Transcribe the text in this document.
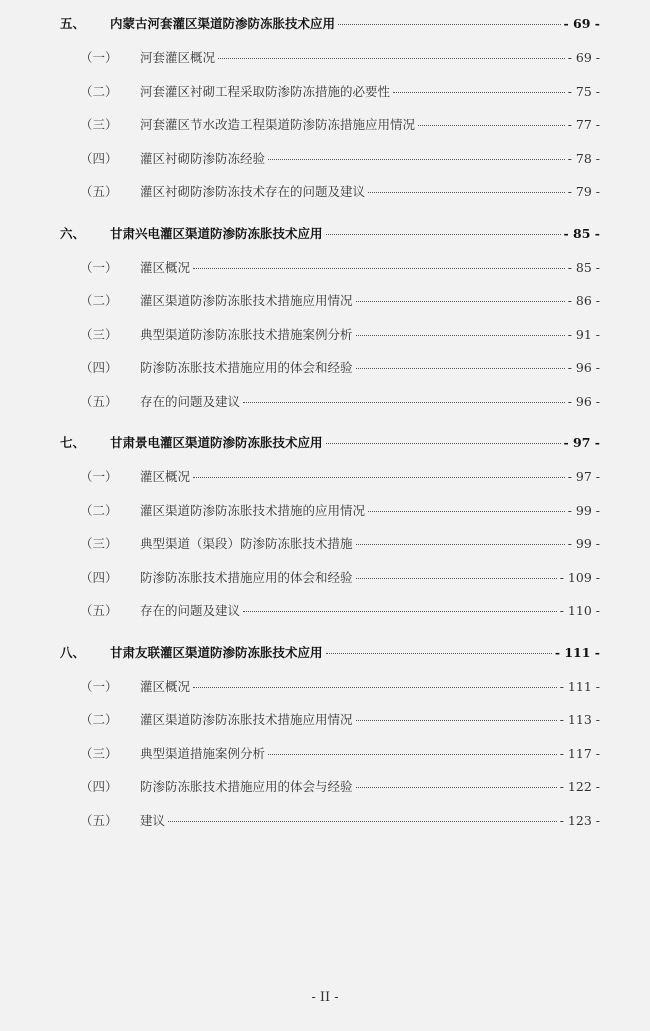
五、	内蒙古河套灌区渠道防渗防冻胀技术应用	- 69 -
（一）	河套灌区概况	- 69 -
（二）	河套灌区衬砌工程采取防渗防冻措施的必要性	- 75 -
（三）	河套灌区节水改造工程渠道防渗防冻措施应用情况	- 77 -
（四）	灌区衬砌防渗防冻经验	- 78 -
（五）	灌区衬砌防渗防冻技术存在的问题及建议	- 79 -
六、	甘肃兴电灌区渠道防渗防冻胀技术应用	- 85 -
（一）	灌区概况	- 85 -
（二）	灌区渠道防渗防冻胀技术措施应用情况	- 86 -
（三）	典型渠道防渗防冻胀技术措施案例分析	- 91 -
（四）	防渗防冻胀技术措施应用的体会和经验	- 96 -
（五）	存在的问题及建议	- 96 -
七、	甘肃景电灌区渠道防渗防冻胀技术应用	- 97 -
（一）	灌区概况	- 97 -
（二）	灌区渠道防渗防冻胀技术措施的应用情况	- 99 -
（三）	典型渠道（渠段）防渗防冻胀技术措施	- 99 -
（四）	防渗防冻胀技术措施应用的体会和经验	- 109 -
（五）	存在的问题及建议	- 110 -
八、	甘肃友联灌区渠道防渗防冻胀技术应用	- 111 -
（一）	灌区概况	- 111 -
（二）	灌区渠道防渗防冻胀技术措施应用情况	- 113 -
（三）	典型渠道措施案例分析	- 117 -
（四）	防渗防冻胀技术措施应用的体会与经验	- 122 -
（五）	建议	- 123 -
- II -
